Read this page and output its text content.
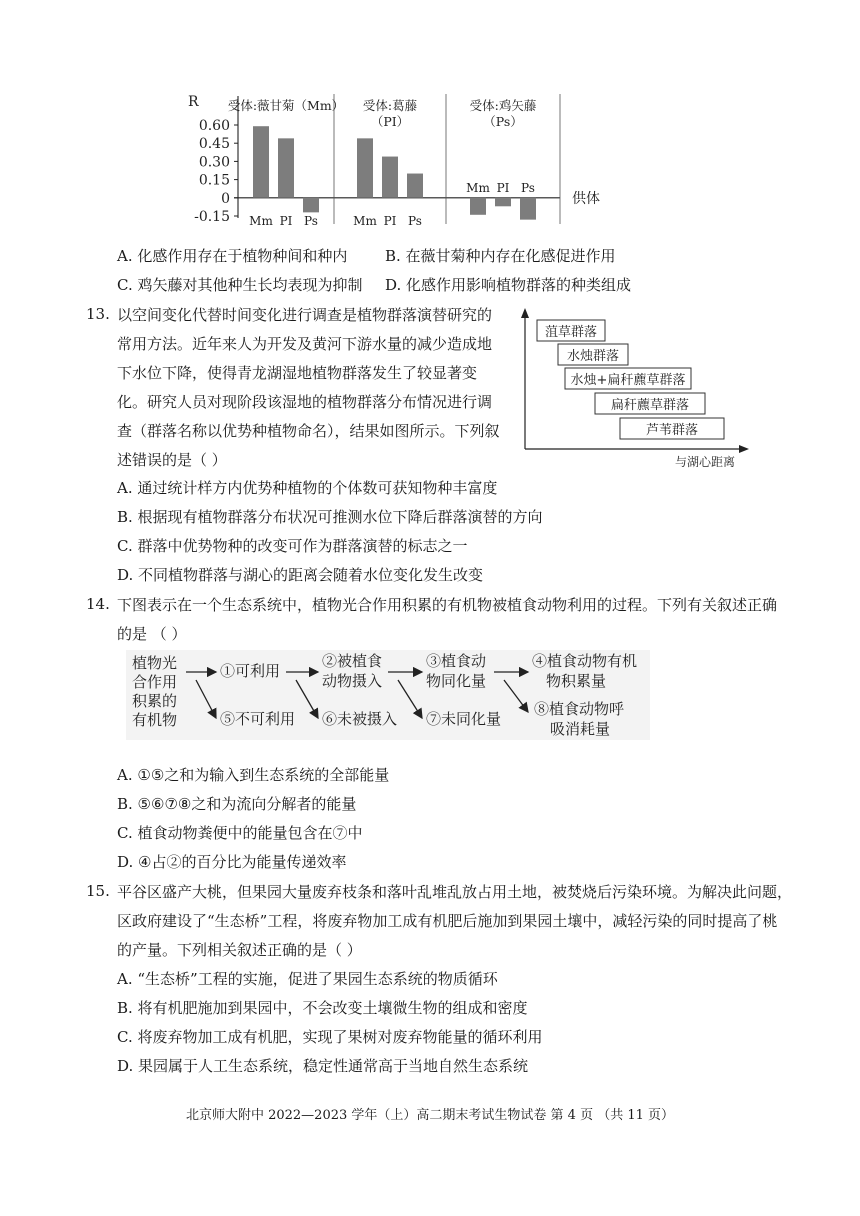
R
供体
0.60
0.45
0.30
0.15
0
-0.15
受体:薇甘菊（Mm）
Mm PI Ps
受体:葛藤
（PI）
Mm PI Ps
受体:鸡矢藤
（Ps）
Mm PI Ps
A. 化感作用存在于植物种间和种内	B. 在薇甘菊种内存在化感促进作用
C. 鸡矢藤对其他种生长均表现为抑制 D. 化感作用影响植物群落的种类组成
13. 以空间变化代替时间变化进行调查是植物群落演替研究的
常用方法。近年来人为开发及黄河下游水量的减少造成地
下水位下降，使得青龙湖湿地植物群落发生了较显著变
化。研究人员对现阶段该湿地的植物群落分布情况进行调
查（群落名称以优势种植物命名），结果如图所示。下列叙
述错误的是（ ）
菹草群落
水烛群落
水烛+扁秆藨草群落
扁秆藨草群落
芦苇群落
与湖心距离
A. 通过统计样方内优势种植物的个体数可获知物种丰富度
B. 根据现有植物群落分布状况可推测水位下降后群落演替的方向
C. 群落中优势物种的改变可作为群落演替的标志之一
D. 不同植物群落与湖心的距离会随着水位变化发生改变
14. 下图表示在一个生态系统中，植物光合作用积累的有机物被植食动物利用的过程。下列有关叙述正确
的是 （ ）
植物光
合作用
积累的
有机物
①可利用
②被植食
动物摄入
③植食动
物同化量
④植食动物有机
物积累量
⑤不可利用 ⑥未被摄入 ⑦未同化量
⑧植食动物呼
吸消耗量
A. ①⑤之和为输入到生态系统的全部能量
B. ⑤⑥⑦⑧之和为流向分解者的能量
C. 植食动物粪便中的能量包含在⑦中
D. ④占②的百分比为能量传递效率
15. 平谷区盛产大桃，但果园大量废弃枝条和落叶乱堆乱放占用土地，被焚烧后污染环境。为解决此问题，
区政府建设了“生态桥”工程，将废弃物加工成有机肥后施加到果园土壤中，减轻污染的同时提高了桃
的产量。下列相关叙述正确的是（ ）
A. “生态桥”工程的实施，促进了果园生态系统的物质循环
B. 将有机肥施加到果园中，不会改变土壤微生物的组成和密度
C. 将废弃物加工成有机肥，实现了果树对废弃物能量的循环利用
D. 果园属于人工生态系统，稳定性通常高于当地自然生态系统
北京师大附中 2022—2023 学年（上）高二期末考试生物试卷 第 4 页 （共 11 页）
